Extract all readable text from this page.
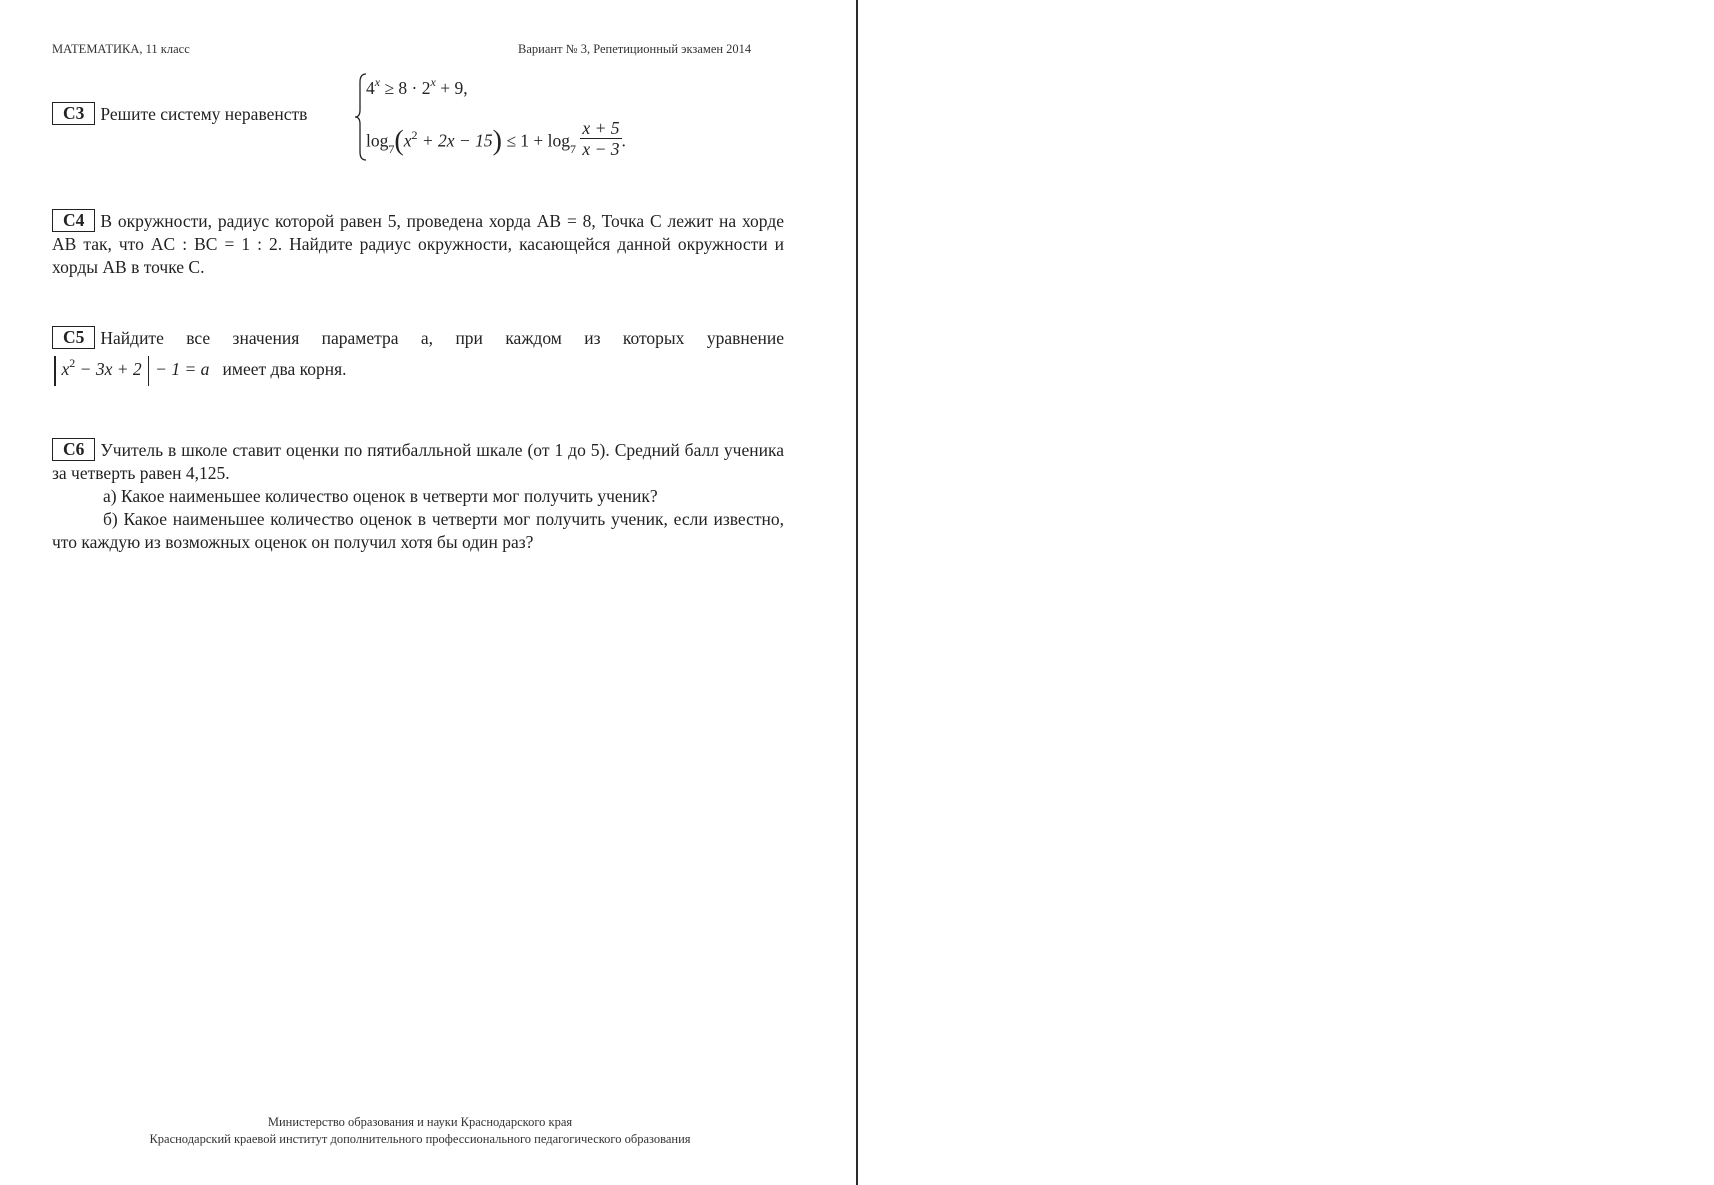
МАТЕМАТИКА, 11 класс	Вариант № 3, Репетиционный экзамен 2014
C3 Решите систему неравенств
$4^x \ge 8 \cdot 2^x + 9$,
$\log_7(x^2 + 2x - 15) \le 1 + \log_7 \frac{x + 5}{x - 3}$ .
C4 В окружности, радиус которой равен 5, проведена хорда AB = 8, Точка C лежит на хорде AB так, что AC : BC = 1 : 2. Найдите радиус окружности, касающейся данной окружности и хорды AB в точке C.
C5 Найдите все значения параметра a, при каждом из которых уравнение
$x^2 - 3x + 2 - 1 = a$ имеет два корня.
C6 Учитель в школе ставит оценки по пятибалльной шкале (от 1 до 5). Средний балл ученика за четверть равен 4,125.
а) Какое наименьшее количество оценок в четверти мог получить ученик?
б) Какое наименьшее количество оценок в четверти мог получить ученик, если известно, что каждую из возможных оценок он получил хотя бы один раз?
Министерство образования и науки Краснодарского края
Краснодарский краевой институт дополнительного профессионального педагогического образования
